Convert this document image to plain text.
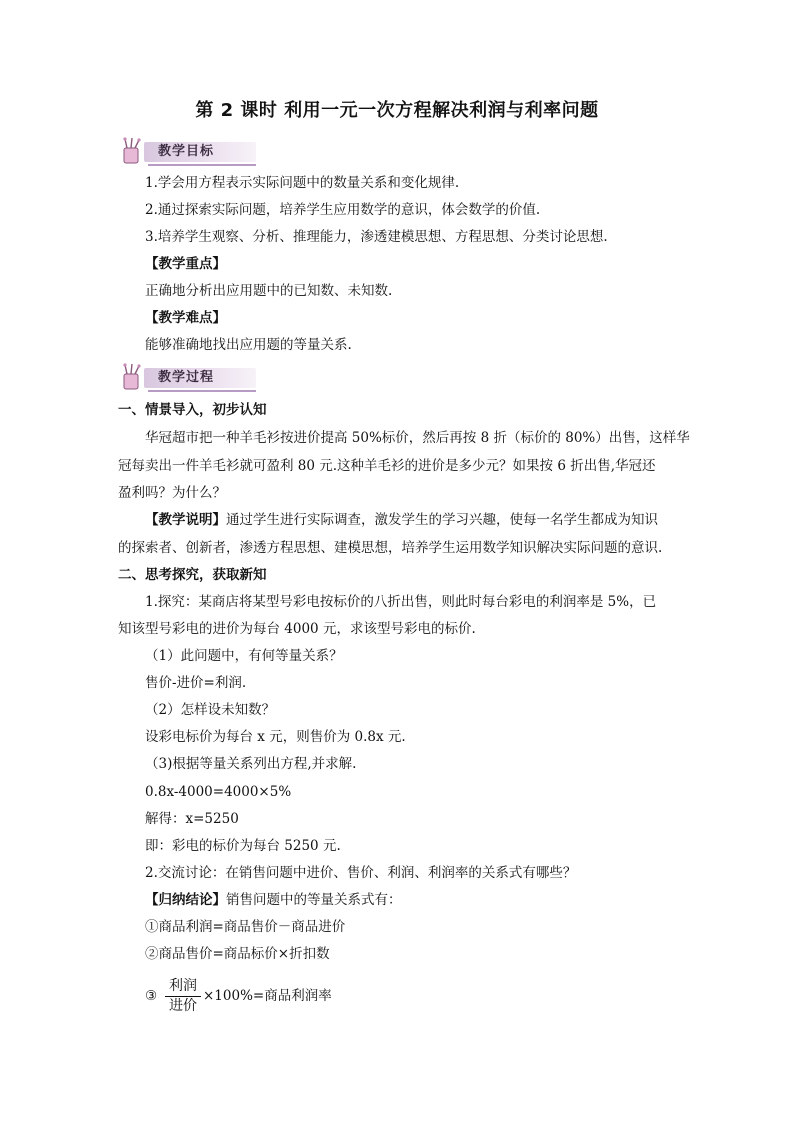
第 2 课时 利用一元一次方程解决利润与利率问题
教学目标
1.学会用方程表示实际问题中的数量关系和变化规律.
2.通过探索实际问题，培养学生应用数学的意识，体会数学的价值.
3.培养学生观察、分析、推理能力，渗透建模思想、方程思想、分类讨论思想.
【教学重点】
正确地分析出应用题中的已知数、未知数.
【教学难点】
能够准确地找出应用题的等量关系.
教学过程
一、情景导入，初步认知
华冠超市把一种羊毛衫按进价提高 50%标价，然后再按 8 折（标价的 80%）出售，这样华
冠每卖出一件羊毛衫就可盈利 80 元.这种羊毛衫的进价是多少元？如果按 6 折出售,华冠还
盈利吗？为什么？
【教学说明】通过学生进行实际调查，激发学生的学习兴趣，使每一名学生都成为知识
的探索者、创新者，渗透方程思想、建模思想，培养学生运用数学知识解决实际问题的意识.
二、思考探究，获取新知
1.探究：某商店将某型号彩电按标价的八折出售，则此时每台彩电的利润率是 5%，已
知该型号彩电的进价为每台 4000 元，求该型号彩电的标价.
（1）此问题中，有何等量关系？
售价-进价=利润.
（2）怎样设未知数？
设彩电标价为每台 x 元，则售价为 0.8x 元.
（3)根据等量关系列出方程,并求解.
0.8x-4000=4000×5%
解得：x=5250
即：彩电的标价为每台 5250 元.
2.交流讨论：在销售问题中进价、售价、利润、利润率的关系式有哪些？
【归纳结论】销售问题中的等量关系式有：
①商品利润=商品售价－商品进价
②商品售价=商品标价×折扣数
③
利润
进价
×100%=商品利润率
